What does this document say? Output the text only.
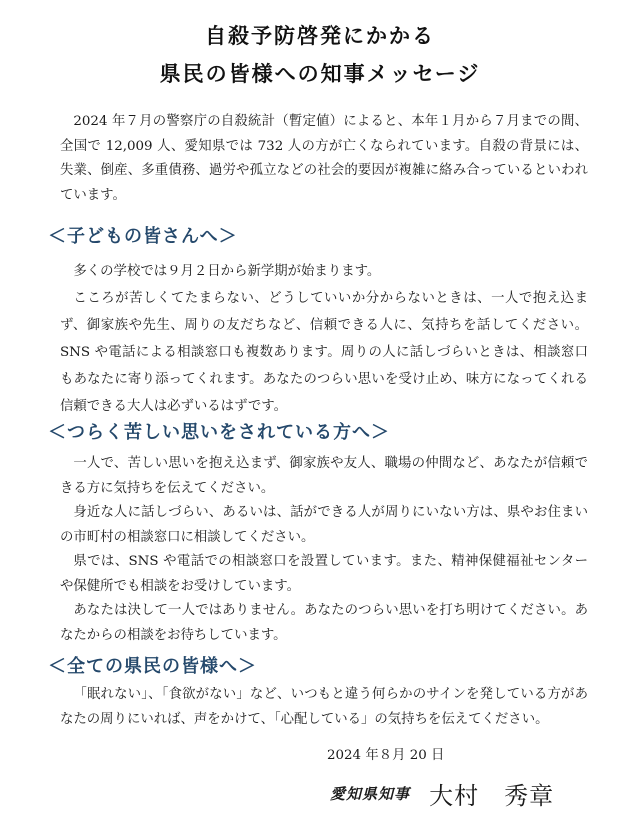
自殺予防啓発にかかる
県民の皆様への知事メッセージ

2024 年７月の警察庁の自殺統計（暫定値）によると、本年１月から７月までの間、全国で 12,009 人、愛知県では 732 人の方が亡くなられています。自殺の背景には、失業、倒産、多重債務、過労や孤立などの社会的要因が複雑に絡み合っているといわれています。

＜子どもの皆さんへ＞

多くの学校では９月２日から新学期が始まります。

こころが苦しくてたまらない、どうしていいか分からないときは、一人で抱え込まず、御家族や先生、周りの友だちなど、信頼できる人に、気持ちを話してください。SNS や電話による相談窓口も複数あります。周りの人に話しづらいときは、相談窓口もあなたに寄り添ってくれます。あなたのつらい思いを受け止め、味方になってくれる信頼できる大人は必ずいるはずです。

＜つらく苦しい思いをされている方へ＞

一人で、苦しい思いを抱え込まず、御家族や友人、職場の仲間など、あなたが信頼できる方に気持ちを伝えてください。

身近な人に話しづらい、あるいは、話ができる人が周りにいない方は、県やお住まいの市町村の相談窓口に相談してください。

県では、SNS や電話での相談窓口を設置しています。また、精神保健福祉センターや保健所でも相談をお受けしています。

あなたは決して一人ではありません。あなたのつらい思いを打ち明けてください。あなたからの相談をお待ちしています。

＜全ての県民の皆様へ＞

「眠れない」、「食欲がない」など、いつもと違う何らかのサインを発している方があなたの周りにいれば、声をかけて、「心配している」の気持ちを伝えてください。

2024 年８月 20 日
愛知県知事 大村　秀章
